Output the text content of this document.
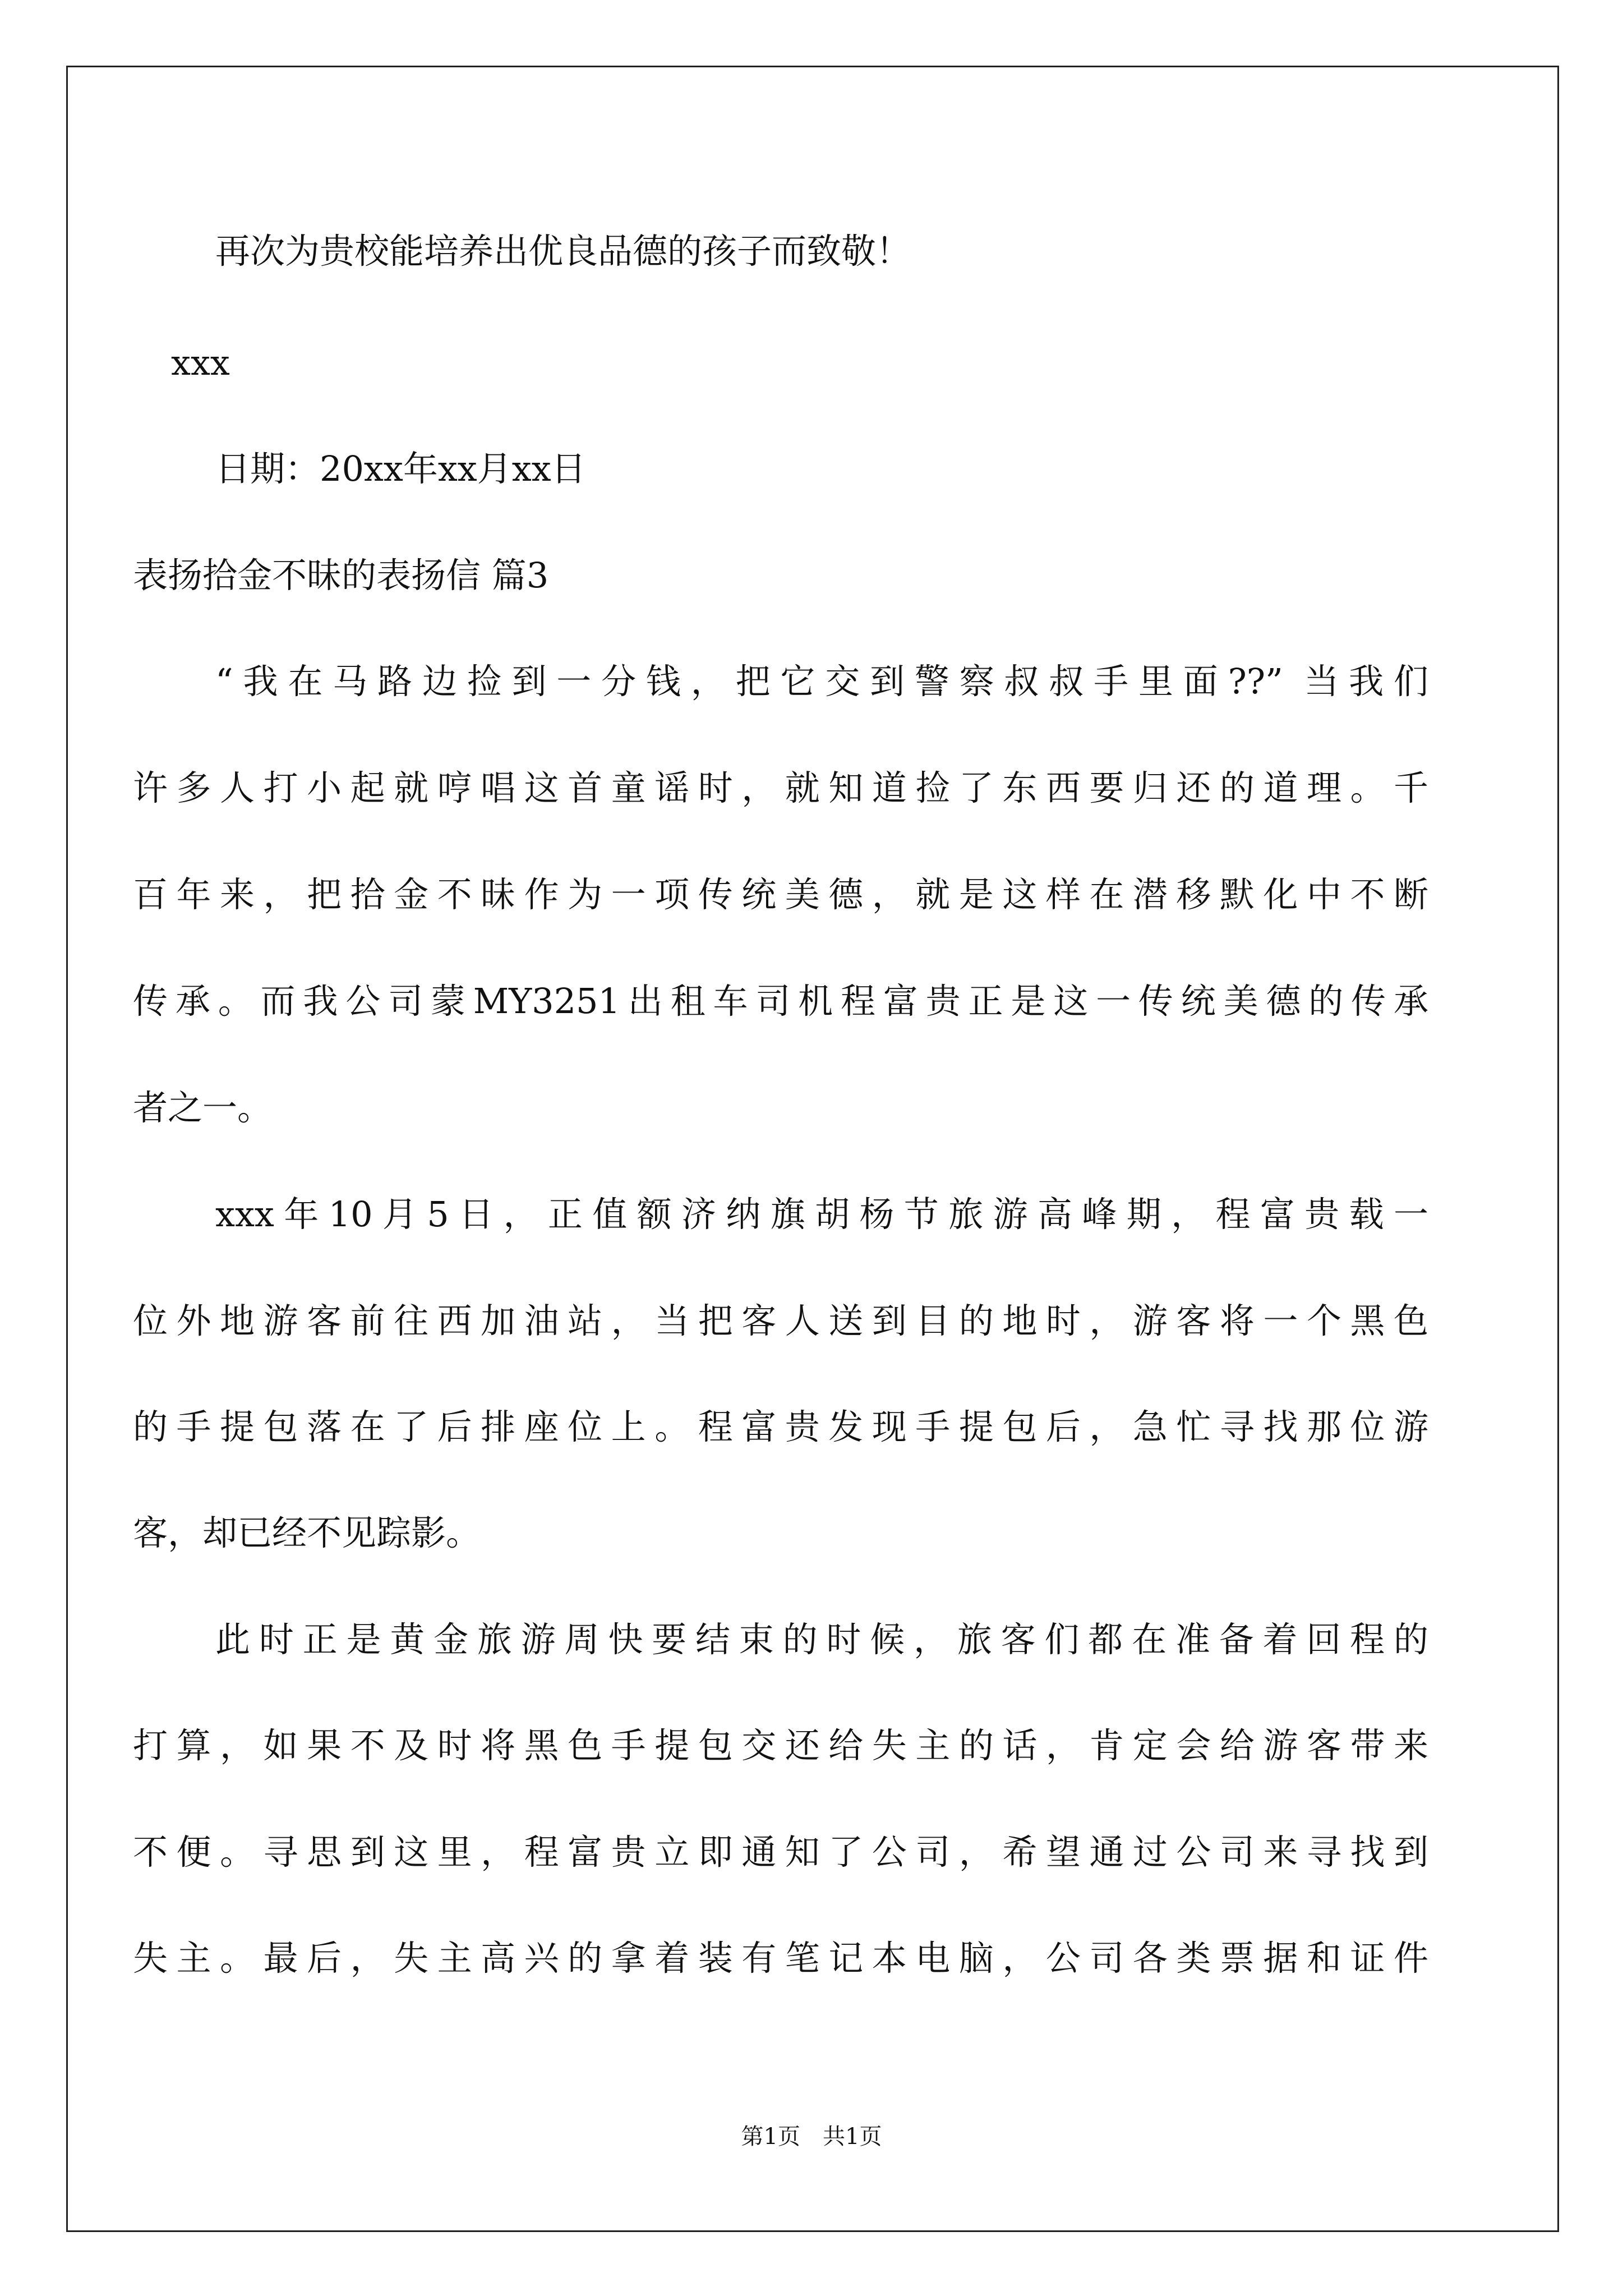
再次为贵校能培养出优良品德的孩子而致敬！
xxx
日期：20xx年xx月xx日
表扬拾金不昧的表扬信 篇3
“我在马路边捡到一分钱，把它交到警察叔叔手里面??” 当我们
许多人打小起就哼唱这首童谣时，就知道捡了东西要归还的道理。千
百年来，把拾金不昧作为一项传统美德，就是这样在潜移默化中不断
传承。而我公司蒙MY3251出租车司机程富贵正是这一传统美德的传承
者之一。
xxx年10月5日，正值额济纳旗胡杨节旅游高峰期，程富贵载一
位外地游客前往西加油站，当把客人送到目的地时，游客将一个黑色
的手提包落在了后排座位上。程富贵发现手提包后，急忙寻找那位游
客，却已经不见踪影。
此时正是黄金旅游周快要结束的时候，旅客们都在准备着回程的
打算，如果不及时将黑色手提包交还给失主的话，肯定会给游客带来
不便。寻思到这里，程富贵立即通知了公司，希望通过公司来寻找到
失主。最后，失主高兴的拿着装有笔记本电脑，公司各类票据和证件
第1页 共1页
